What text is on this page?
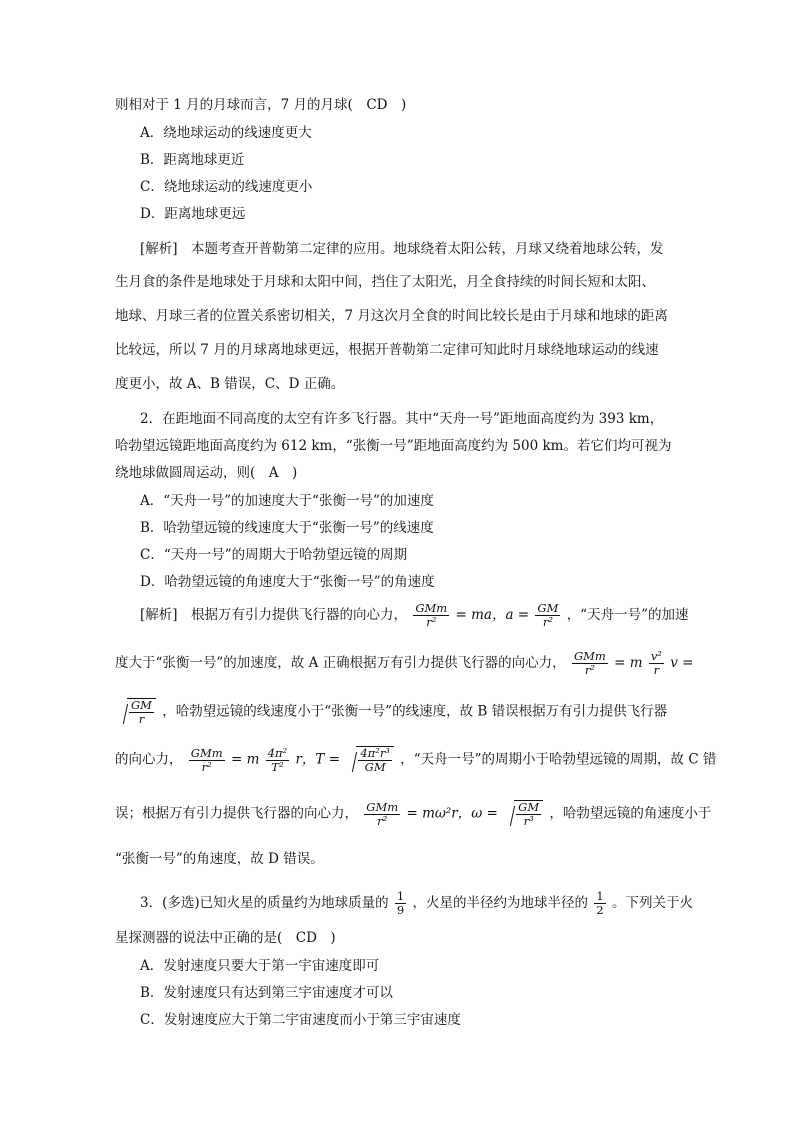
则相对于 1 月的月球而言，7 月的月球(　CD　)
A．绕地球运动的线速度更大
B．距离地球更近
C．绕地球运动的线速度更小
D．距离地球更远
[解析]　本题考查开普勒第二定律的应用。地球绕着太阳公转，月球又绕着地球公转，发
生月食的条件是地球处于月球和太阳中间，挡住了太阳光，月全食持续的时间长短和太阳、
地球、月球三者的位置关系密切相关，7 月这次月全食的时间比较长是由于月球和地球的距离
比较远，所以 7 月的月球离地球更远，根据开普勒第二定律可知此时月球绕地球运动的线速
度更小，故 A、B 错误，C、D 正确。
2．在距地面不同高度的太空有许多飞行器。其中“天舟一号”距地面高度约为 393 km，
哈勃望远镜距地面高度约为 612 km，“张衡一号”距地面高度约为 500 km。若它们均可视为
绕地球做圆周运动，则(　A　)
A．“天舟一号”的加速度大于“张衡一号”的加速度
B．哈勃望远镜的线速度大于“张衡一号”的线速度
C．“天舟一号”的周期大于哈勃望远镜的周期
D．哈勃望远镜的角速度大于“张衡一号”的角速度
[解析]　根据万有引力提供飞行器的向心力， $\frac{\text{GMm}}{\text{r²}}$ = ma，$a = \frac{GM}{\text{r²}}$ ，“天舟一号”的加速
度大于“张衡一号”的加速度，故 A 正确根据万有引力提供飞行器的向心力， $\frac{\text{GMm}}{\text{r²}} = m \frac{\text{v²}}{r}$ v =
$\frac{GM}{r}$ ，哈勃望远镜的线速度小于“张衡一号”的线速度，故 B 错误根据万有引力提供飞行器
的向心力， $\frac{\text{GMm}}{\text{r²}} = m \frac{\text{4π²}}{\text{T²}}$ r，$T = \frac{\text{4π²r³}}{GM}$ ，“天舟一号”的周期小于哈勃望远镜的周期，故 C 错
误；根据万有引力提供飞行器的向心力， $\frac{\text{GMm}}{\text{r²}} = m\omega^2r$，$\omega = \frac{GM}{\text{r³}}$ ，哈勃望远镜的角速度小于
“张衡一号”的角速度，故 D 错误。
3．(多选)已知火星的质量约为地球质量的 $\frac{1}{9}$ ，火星的半径约为地球半径的 $\frac{1}{2}$ 。下列关于火
星探测器的说法中正确的是(　CD　)
A．发射速度只要大于第一宇宙速度即可
B．发射速度只有达到第三宇宙速度才可以
C．发射速度应大于第二宇宙速度而小于第三宇宙速度
